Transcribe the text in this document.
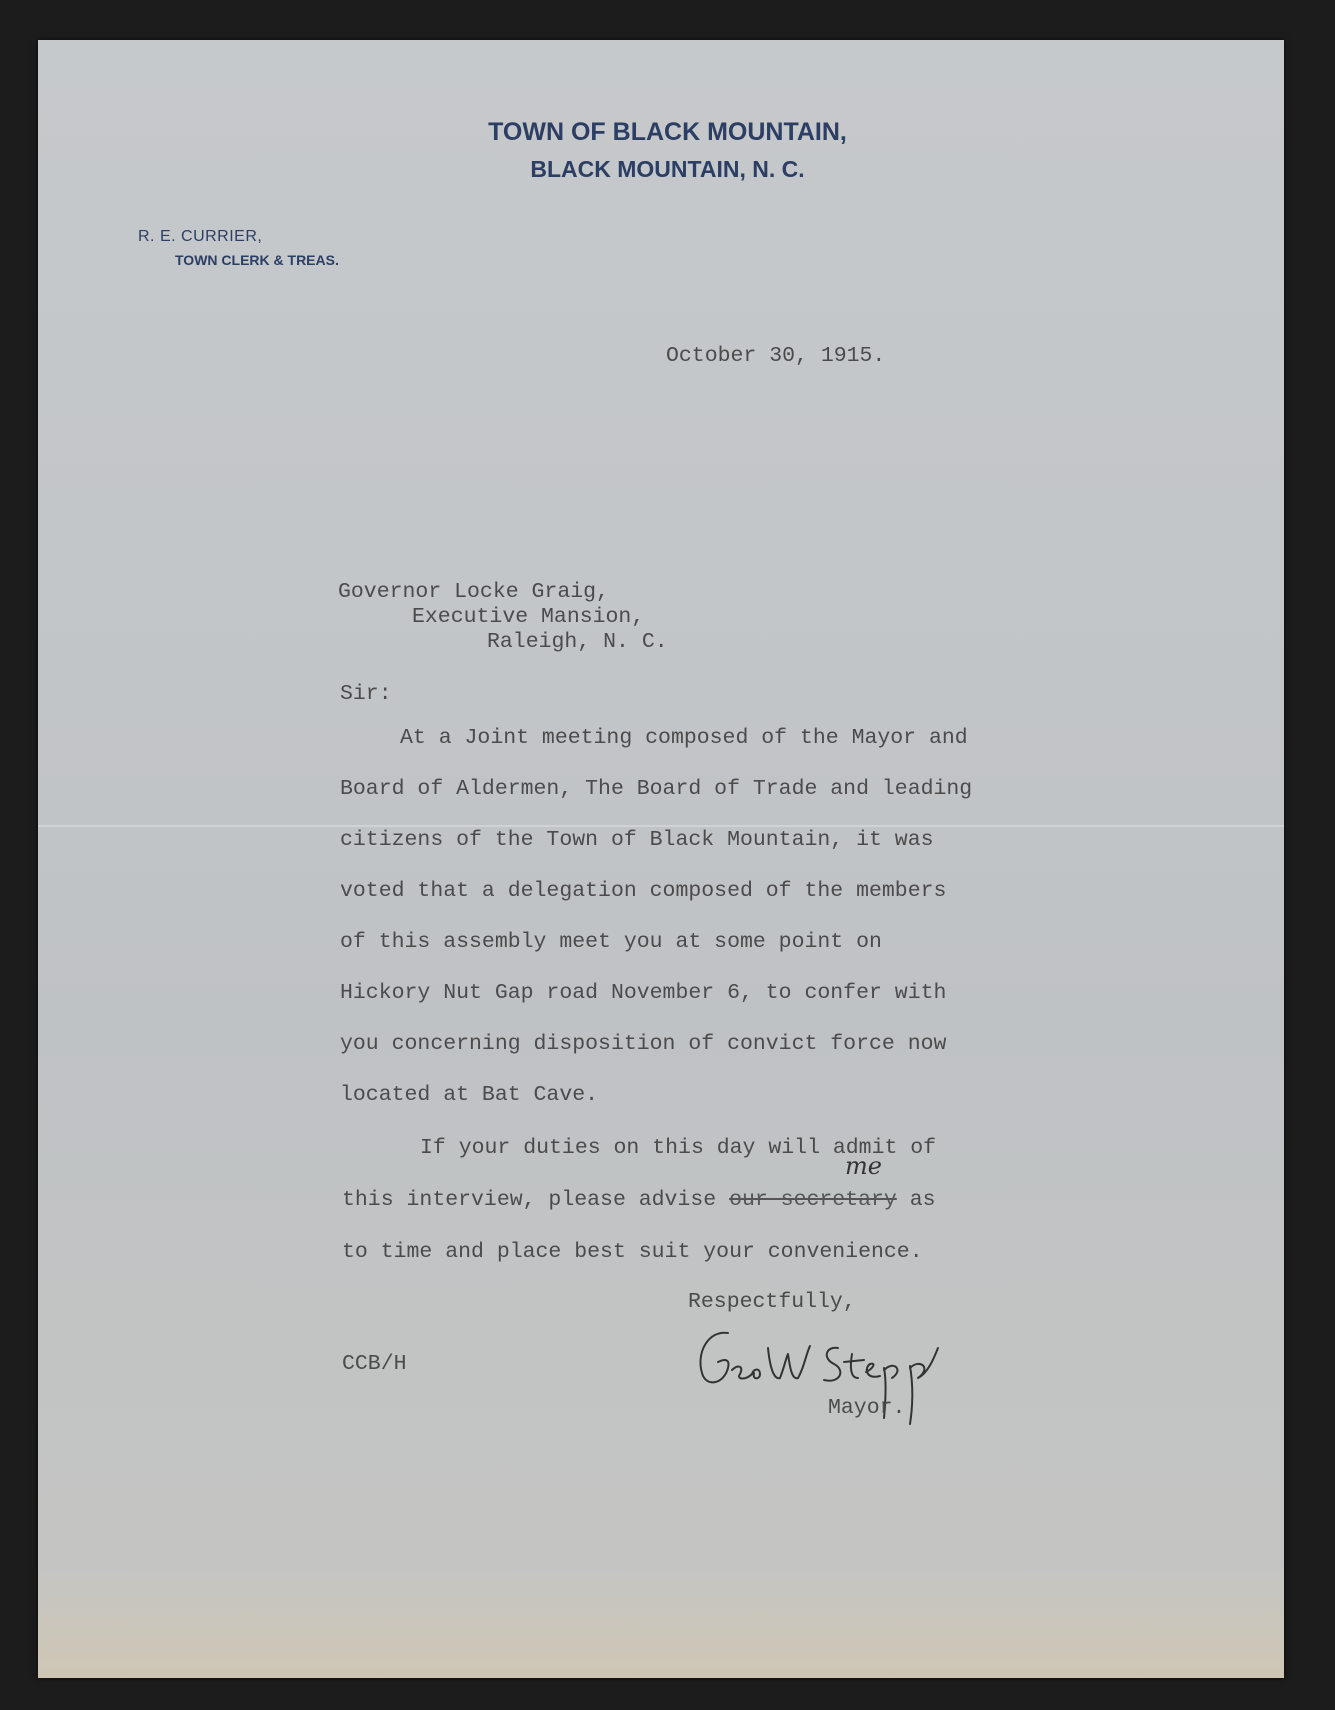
TOWN OF BLACK MOUNTAIN,
BLACK MOUNTAIN, N. C.
R. E. CURRIER,
TOWN CLERK & TREAS.
October 30, 1915.
Governor Locke Graig,
Executive Mansion,
Raleigh, N. C.
Sir:
At a Joint meeting composed of the Mayor and
Board of Aldermen, The Board of Trade and leading
citizens of the Town of Black Mountain, it was
voted that a delegation composed of the members
of this assembly meet you at some point on
Hickory Nut Gap road November 6, to confer with
you concerning disposition of convict force now
located at Bat Cave.
If your duties on this day will admit of
this interview, please advise our secretary as
me
to time and place best suit your convenience.
Respectfully,
CCB/H
Mayor.
